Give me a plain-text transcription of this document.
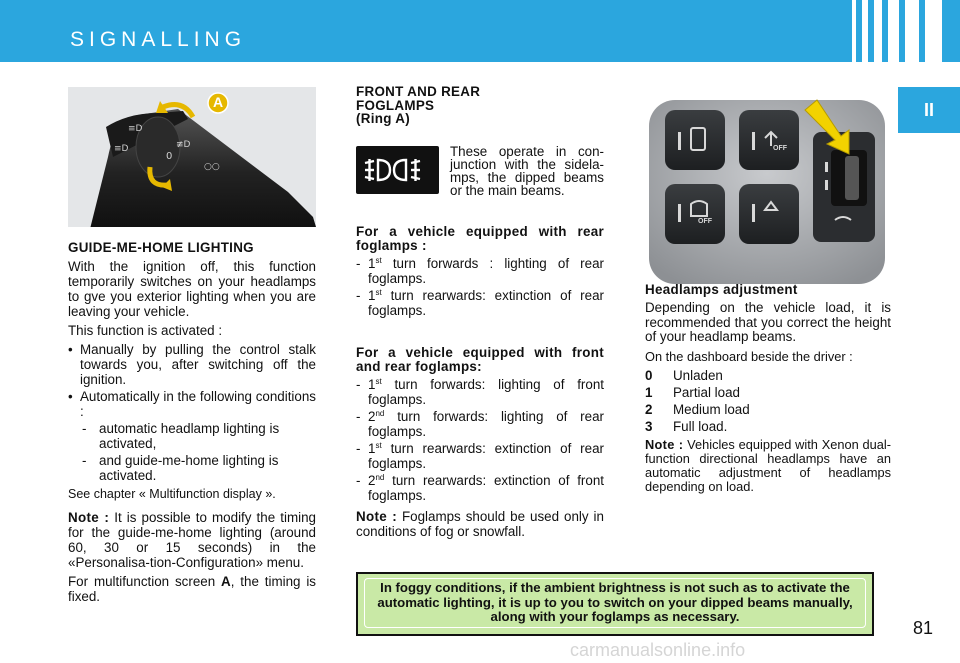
SIGNALLING
II
≡D
≡D
0
≢D
○○
A

GUIDE-ME-HOME LIGHTING

With the ignition off, this function temporarily switches on your headlamps to gve you exterior lighting when you are leaving your vehicle.

This function is activated :

• Manually by pulling the control stalk towards you, after switching off the ignition.
• Automatically in the following conditions :
- automatic headlamp lighting is activated,
- and guide-me-home lighting is activated.

See chapter « Multifunction display ».

Note : It is possible to modify the timing for the guide-me-home lighting (around 60, 30 or 15 seconds) in the «Personalisa-tion-Configuration» menu.

For multifunction screen A, the timing is fixed.

FRONT AND REAR
FOGLAMPS
(Ring A)

These operate in con-junction with the sidela-mps, the dipped beams or the main beams.

For a vehicle equipped with rear foglamps :

- 1st turn forwards : lighting of rear foglamps.
- 1st turn rearwards: extinction of rear foglamps.

For a vehicle equipped with front and rear foglamps:

- 1st turn forwards: lighting of front foglamps.
- 2nd turn forwards: lighting of rear foglamps.
- 1st turn rearwards: extinction of rear foglamps.
- 2nd turn rearwards: extinction of front foglamps.

Note : Foglamps should be used only in conditions of fog or snowfall.

OFF
OFF

Headlamps adjustment

Depending on the vehicle load, it is recommended that you correct the height of your headlamp beams.

On the dashboard beside the driver :

0	Unladen
1	Partial load
2	Medium load
3	Full load.

Note : Vehicles equipped with Xenon dual-function directional headlamps have an automatic adjustment of headlamps depending on load.

In foggy conditions, if the ambient brightness is not such as to activate the automatic lighting, it is up to you to switch on your dipped beams manually, along with your foglamps as necessary.
81
carmanualsonline.info
